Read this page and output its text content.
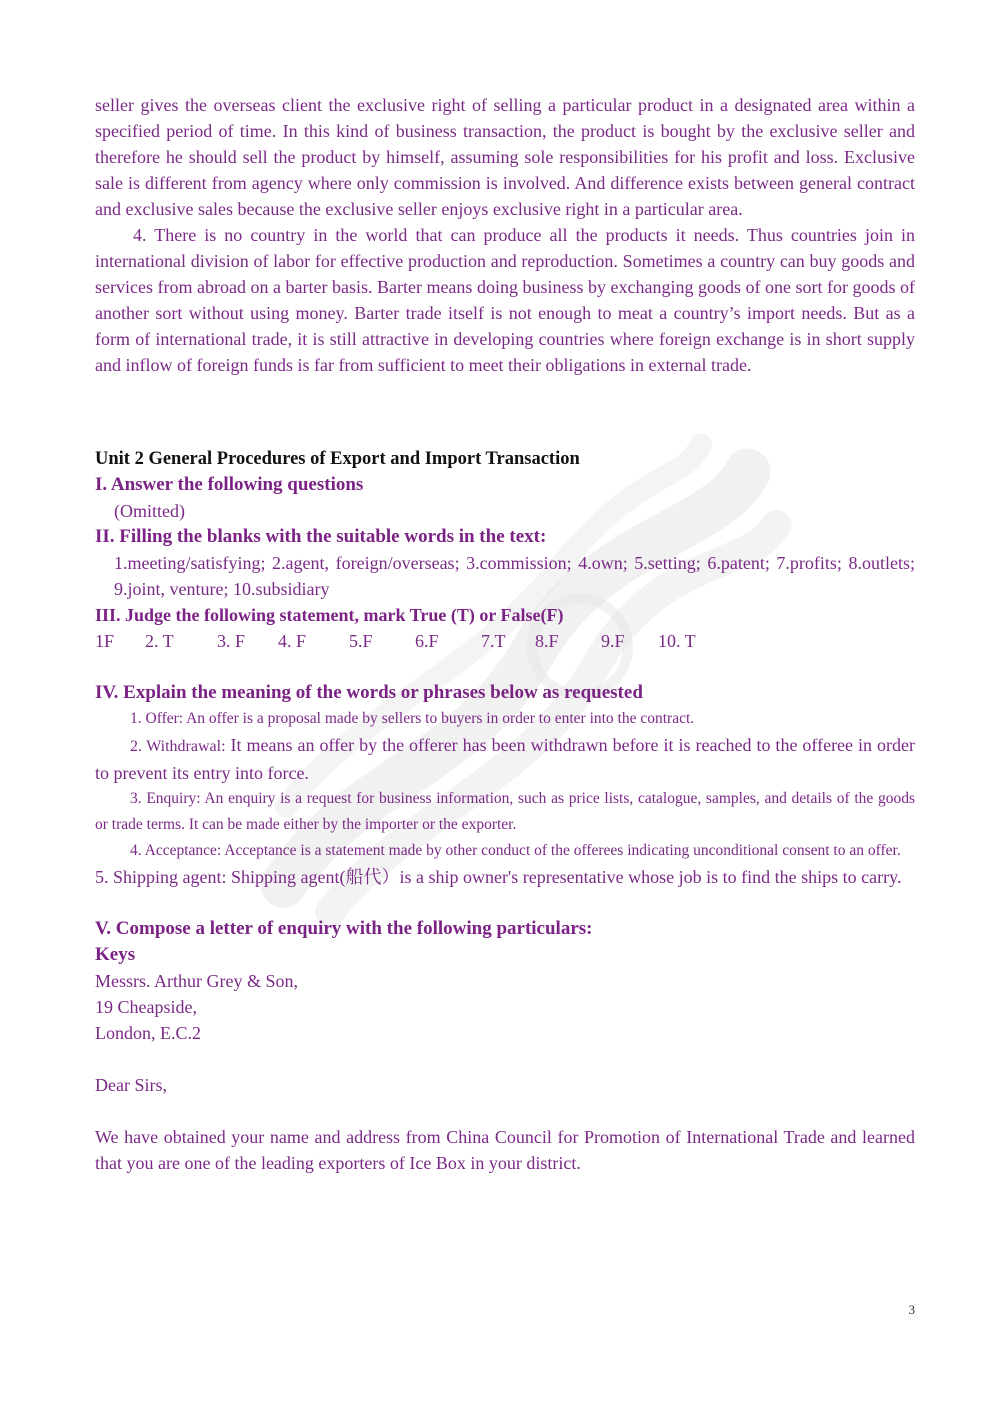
seller gives the overseas client the exclusive right of selling a particular product in a designated area within a specified period of time. In this kind of business transaction, the product is bought by the exclusive seller and therefore he should sell the product by himself, assuming sole responsibilities for his profit and loss. Exclusive sale is different from agency where only commission is involved. And difference exists between general contract and exclusive sales because the exclusive seller enjoys exclusive right in a particular area.

4. There is no country in the world that can produce all the products it needs. Thus countries join in international division of labor for effective production and reproduction. Sometimes a country can buy goods and services from abroad on a barter basis. Barter means doing business by exchanging goods of one sort for goods of another sort without using money. Barter trade itself is not enough to meat a country’s import needs. But as a form of international trade, it is still attractive in developing countries where foreign exchange is in short supply and inflow of foreign funds is far from sufficient to meet their obligations in external trade.

Unit 2 General Procedures of Export and Import Transaction

I. Answer the following questions

(Omitted)

II. Filling the blanks with the suitable words in the text:

1.meeting/satisfying; 2.agent, foreign/overseas; 3.commission; 4.own; 5.setting; 6.patent; 7.profits; 8.outlets; 9.joint, venture; 10.subsidiary

III. Judge the following statement, mark True (T) or False(F)

1F	2. T	3. F	4. F	5.F	6.F	7.T	8.F	9.F	10. T

IV. Explain the meaning of the words or phrases below as requested

1. Offer: An offer is a proposal made by sellers to buyers in order to enter into the contract.

2. Withdrawal: It means an offer by the offerer has been withdrawn before it is reached to the offeree in order to prevent its entry into force.

3. Enquiry: An enquiry is a request for business information, such as price lists, catalogue, samples, and details of the goods or trade terms. It can be made either by the importer or the exporter.

4. Acceptance: Acceptance is a statement made by other conduct of the offerees indicating unconditional consent to an offer.

5. Shipping agent: Shipping agent(船代）is a ship owner's representative whose job is to find the ships to carry.

V. Compose a letter of enquiry with the following particulars:

Keys

Messrs. Arthur Grey & Son,

19 Cheapside,

London, E.C.2

Dear Sirs,

We have obtained your name and address from China Council for Promotion of International Trade and learned that you are one of the leading exporters of Ice Box in your district.

3
